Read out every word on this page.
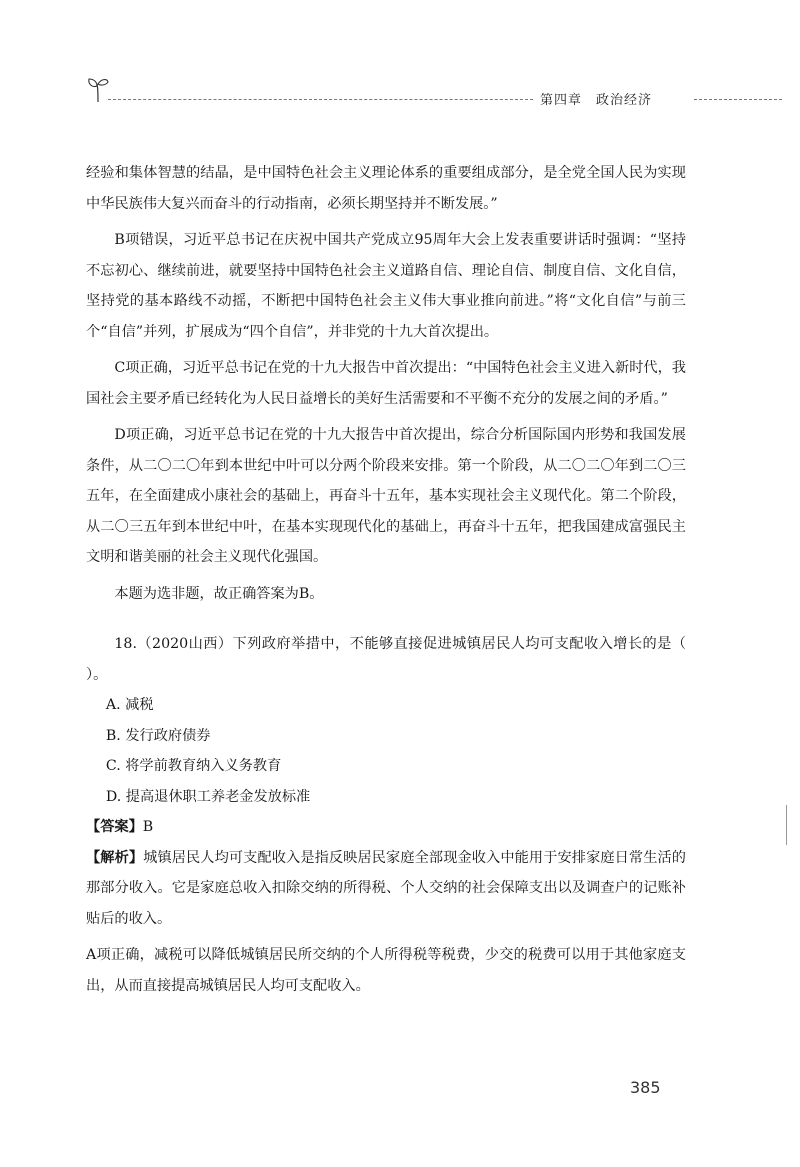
第四章 政治经济

经验和集体智慧的结晶，是中国特色社会主义理论体系的重要组成部分，是全党全国人民为实现中华民族伟大复兴而奋斗的行动指南，必须长期坚持并不断发展。”

B项错误，习近平总书记在庆祝中国共产党成立95周年大会上发表重要讲话时强调：“坚持不忘初心、继续前进，就要坚持中国特色社会主义道路自信、理论自信、制度自信、文化自信，坚持党的基本路线不动摇，不断把中国特色社会主义伟大事业推向前进。”将“文化自信”与前三个“自信”并列，扩展成为“四个自信”，并非党的十九大首次提出。

C项正确，习近平总书记在党的十九大报告中首次提出：“中国特色社会主义进入新时代，我国社会主要矛盾已经转化为人民日益增长的美好生活需要和不平衡不充分的发展之间的矛盾。”

D项正确，习近平总书记在党的十九大报告中首次提出，综合分析国际国内形势和我国发展条件，从二〇二〇年到本世纪中叶可以分两个阶段来安排。第一个阶段，从二〇二〇年到二〇三五年，在全面建成小康社会的基础上，再奋斗十五年，基本实现社会主义现代化。第二个阶段，从二〇三五年到本世纪中叶，在基本实现现代化的基础上，再奋斗十五年，把我国建成富强民主文明和谐美丽的社会主义现代化强国。

本题为选非题，故正确答案为B。

18.（2020山西）下列政府举措中，不能够直接促进城镇居民人均可支配收入增长的是（　　）。

A. 减税

B. 发行政府债券

C. 将学前教育纳入义务教育

D. 提高退休职工养老金发放标准

【答案】B

【解析】城镇居民人均可支配收入是指反映居民家庭全部现金收入中能用于安排家庭日常生活的那部分收入。它是家庭总收入扣除交纳的所得税、个人交纳的社会保障支出以及调查户的记账补贴后的收入。

A项正确，减税可以降低城镇居民所交纳的个人所得税等税费，少交的税费可以用于其他家庭支出，从而直接提高城镇居民人均可支配收入。

385
